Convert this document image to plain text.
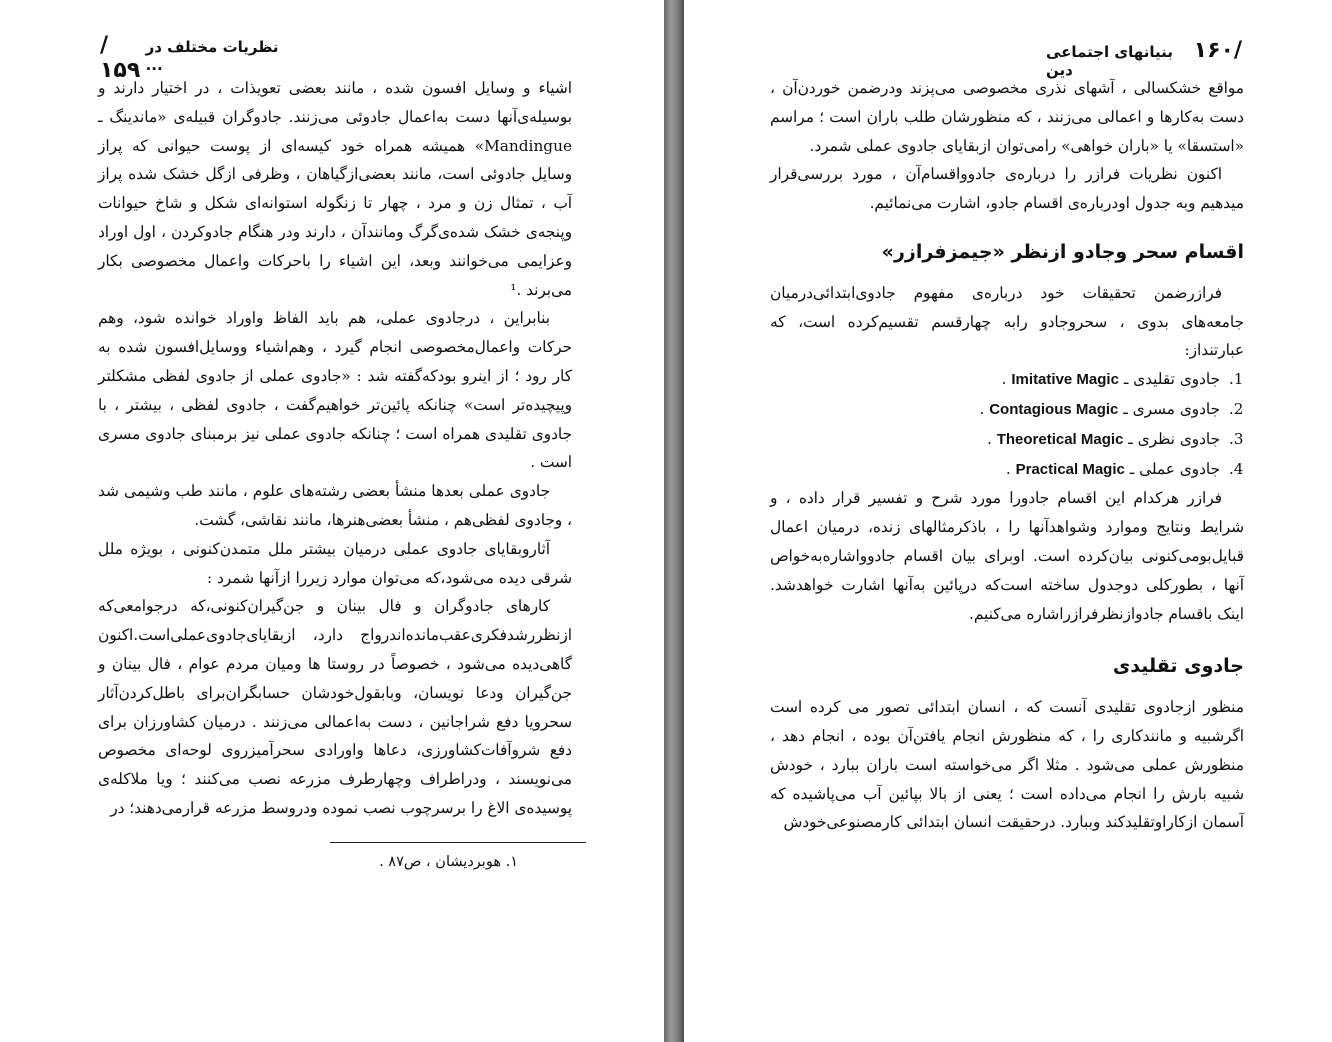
/۱۵۹
نظریات مختلف در ...

اشیاء و وسایل افسون شده ، مانند بعضی تعویذات ، در اختیار دارند و بوسیله‌ی‌آنها دست به‌اعمال جادوئی می‌زنند. جادوگران قبیله‌ی «ماندینگ ـ Mandingue» همیشه همراه خود کیسه‌ای از پوست حیوانی که پراز وسایل جادوئی است، مانند بعضی‌ازگیاهان ، وظرفی ازگل خشک شده پراز آب ، تمثال زن و مرد ، چهار تا زنگوله استوانه‌ای شکل و شاخ حیوانات وپنجه‌ی خشک شده‌ی‌گرگ ومانندآن ، دارند ودر هنگام جادوکردن ، اول اوراد وعزایمی می‌خوانند وبعد، این اشیاء را باحرکات واعمال مخصوصی بکار می‌برند .¹

بنابراین ، درجادوی عملی، هم باید الفاظ واوراد خوانده شود، وهم حرکات واعمال‌مخصوصی انجام گیرد ، وهم‌اشیاء ووسایل‌افسون شده به کار رود ؛ از اینرو بودکه‌گفته شد : «جادوی عملی از جادوی لفظی مشکلتر وپیچیده‌تر است» چنانکه پائین‌تر خواهیم‌گفت ، جادوی لفظی ، بیشتر ، با جادوی تقلیدی همراه است ؛ چنانکه جادوی عملی نیز برمبنای جادوی مسری است .

جادوی عملی بعدها منشأ بعضی رشته‌های علوم ، مانند طب وشیمی شد ، وجادوی لفظی‌هم ، منشأ بعضی‌هنرها، مانند نقاشی، گشت.

آثاروبقایای جادوی عملی درمیان بیشتر ملل متمدن‌کنونی ، بویژه ملل شرقی دیده می‌شود،که می‌توان موارد زیررا ازآنها شمرد :

کارهای جادوگران و فال بینان و جن‌گیران‌کنونی،که درجوامعی‌که ازنظر‌رشدفکری‌عقب‌مانده‌اندرواج دارد، ازبقایای‌جادوی‌عملی‌است.اکنون گاهی‌دیده می‌شود ، خصوصاً در روستا ها ومیان مردم عوام ، فال بینان و جن‌گیران ودعا نویسان، وبابقول‌خودشان حسابگران‌برای باطل‌کردن‌آثار سحرویا دفع شراجانین ، دست به‌اعمالی می‌زنند . درمیان کشاورزان برای دفع شروآفات‌کشاورزی، دعاها واورادی سحرآمیزروی لوحه‌ای مخصوص می‌نویسند ، ودراطراف وچهارطرف مزرعه نصب می‌کنند ؛ ویا ملاکله‌ی پوسیده‌ی الاغ را برسرچوب نصب نموده ودروسط مزرعه قرارمی‌دهند؛ در

۱. هوبردیشان ، ص۸۷ .
بنیانهای اجتماعی دین
۱۶۰/

مواقع خشکسالی ، آشهای نذری مخصوصی می‌پزند ودرضمن خوردن‌آن ، دست به‌کارها و اعمالی می‌زنند ، که منظورشان طلب باران است ؛ مراسم «استسقا» یا «باران خواهی» رامی‌توان ازبقایای جادوی عملی شمرد.

اکنون نظریات فرازر را درباره‌ی جادوواقسام‌آن ، مورد بررسی‌قرار میدهیم وبه جدول اودرباره‌ی اقسام جادو، اشارت می‌نمائیم.

اقسام سحر وجادو ازنظر «جیمزفرازر»

فرازرضمن تحقیقات خود درباره‌ی مفهوم جادوی‌ابتدائی‌درمیان جامعه‌های بدوی ، سحروجادو رابه چهارقسم تقسیم‌کرده است، که عبارتنداز:

1. جادوی تقلیدی ـ Imitative Magic .
2. جادوی مسری ـ Contagious Magic .
3. جادوی نظری ـ Theoretical Magic .
4. جادوی عملی ـ Practical Magic .

فرازر هرکدام این اقسام جادورا مورد شرح و تفسیر قرار داده ، و شرایط ونتایج وموارد وشواهدآنها را ، باذکرمثالهای زنده، درمیان اعمال قبایل‌بومی‌کنونی بیان‌کرده است. اوبرای بیان اقسام جادوواشاره‌به‌خواص آنها ، بطورکلی دوجدول ساخته است‌که درپائین به‌آنها اشارت خواهدشد. اینک باقسام جادوازنظرفرازراشاره می‌کنیم.

جادوی تقلیدی

منظور ازجادوی تقلیدی آنست که ، انسان ابتدائی تصور می کرده است اگرشبیه و مانندکاری را ، که منظورش انجام یافتن‌آن بوده ، انجام دهد ، منظورش عملی می‌شود . مثلا اگر می‌خواسته است باران ببارد ، خودش شبیه بارش را انجام می‌داده است ؛ یعنی از بالا بپائین آب می‌پاشیده که آسمان ازکاراوتقلیدکند وببارد. درحقیقت انسان ابتدائی کارمصنوعی‌خودش
